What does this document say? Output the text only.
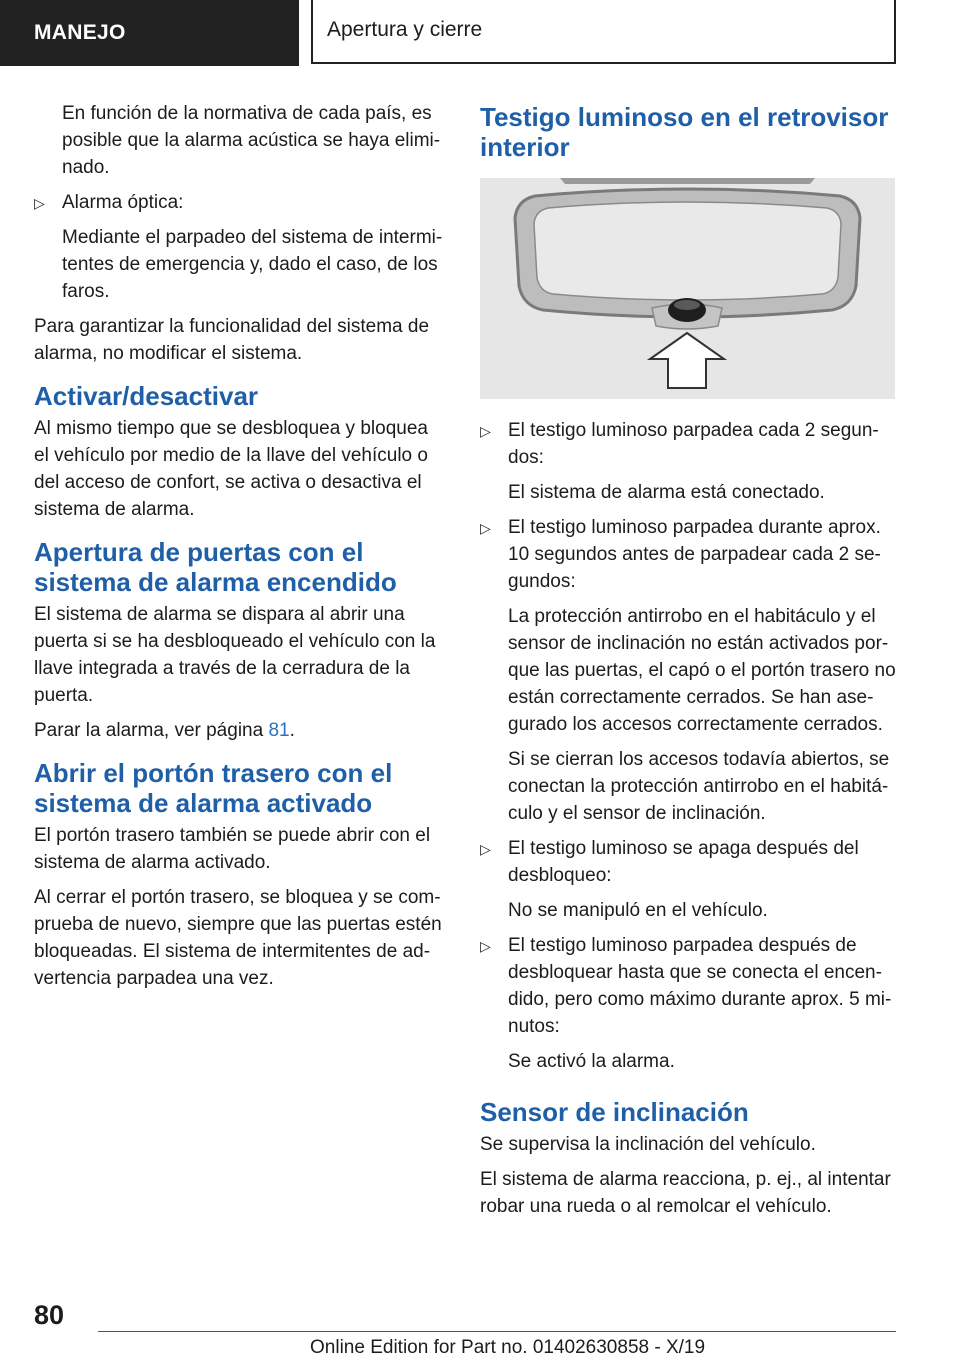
MANEJO	Apertura y cierre

En función de la normativa de cada país, es posible que la alarma acústica se haya elimi-nado.

▷ Alarma óptica:

Mediante el parpadeo del sistema de intermi-tentes de emergencia y, dado el caso, de los faros.

Para garantizar la funcionalidad del sistema de alarma, no modificar el sistema.

Activar/desactivar

Al mismo tiempo que se desbloquea y bloquea el vehículo por medio de la llave del vehículo o del acceso de confort, se activa o desactiva el sistema de alarma.

Apertura de puertas con el sistema de alarma encendido

El sistema de alarma se dispara al abrir una puerta si se ha desbloqueado el vehículo con la llave integrada a través de la cerradura de la puerta.

Parar la alarma, ver página 81.

Abrir el portón trasero con el sistema de alarma activado

El portón trasero también se puede abrir con el sistema de alarma activado.

Al cerrar el portón trasero, se bloquea y se com-prueba de nuevo, siempre que las puertas estén bloqueadas. El sistema de intermitentes de ad-vertencia parpadea una vez.

Testigo luminoso en el retrovisor interior

▷ El testigo luminoso parpadea cada 2 segun-dos:

El sistema de alarma está conectado.

▷ El testigo luminoso parpadea durante aprox. 10 segundos antes de parpadear cada 2 se-gundos:

La protección antirrobo en el habitáculo y el sensor de inclinación no están activados por-que las puertas, el capó o el portón trasero no están correctamente cerrados. Se han ase-gurado los accesos correctamente cerrados.

Si se cierran los accesos todavía abiertos, se conectan la protección antirrobo en el habitá-culo y el sensor de inclinación.

▷ El testigo luminoso se apaga después del desbloqueo:

No se manipuló en el vehículo.

▷ El testigo luminoso parpadea después de desbloquear hasta que se conecta el encen-dido, pero como máximo durante aprox. 5 mi-nutos:

Se activó la alarma.

Sensor de inclinación

Se supervisa la inclinación del vehículo.

El sistema de alarma reacciona, p. ej., al intentar robar una rueda o al remolcar el vehículo.

80
Online Edition for Part no. 01402630858 - X/19
